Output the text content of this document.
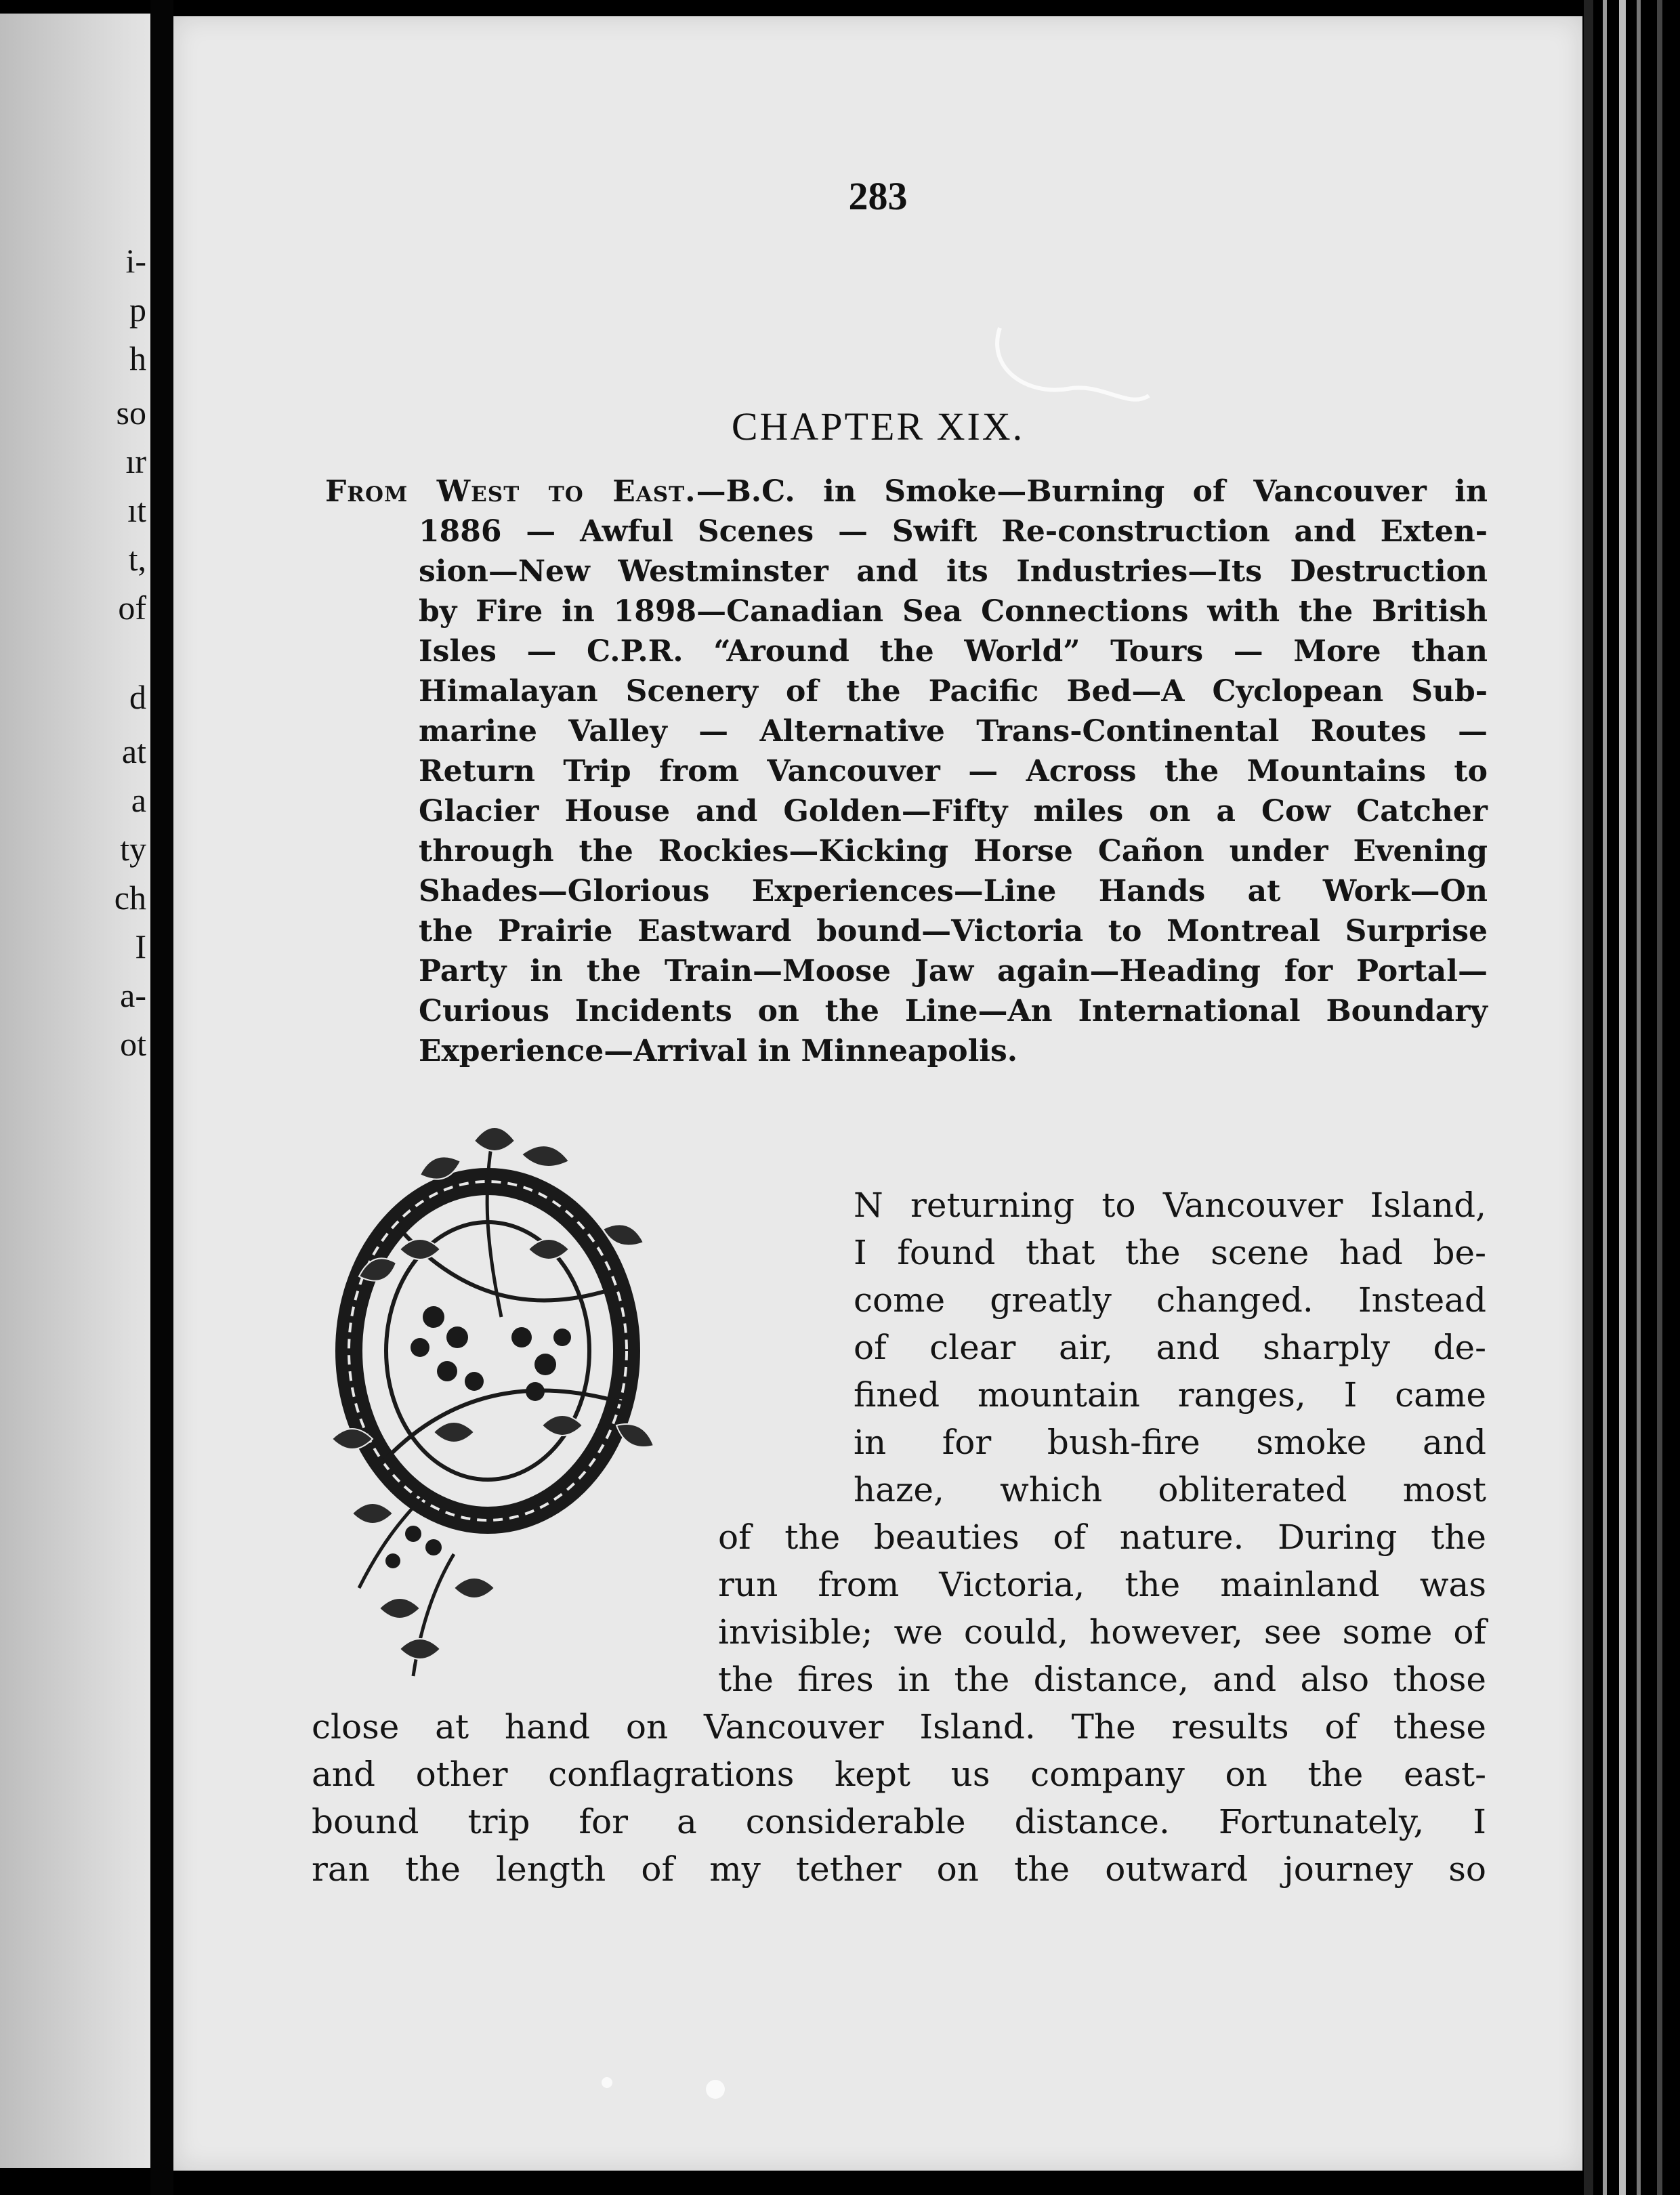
i-
p
h
so
ır
ıt
t,
of
d
at
a
ty
ch
I
a-
ot
283
CHAPTER XIX.
From West to East.—B.C. in Smoke—Burning of Vancouver in
1886 — Awful Scenes — Swift Re-construction and Exten-
sion—New Westminster and its Industries—Its Destruction
by Fire in 1898—Canadian Sea Connections with the British
Isles — C.P.R. “Around the World” Tours — More than
Himalayan Scenery of the Pacific Bed—A Cyclopean Sub-
marine Valley — Alternative Trans-Continental Routes —
Return Trip from Vancouver — Across the Mountains to
Glacier House and Golden—Fifty miles on a Cow Catcher
through the Rockies—Kicking Horse Cañon under Evening
Shades—Glorious Experiences—Line Hands at Work—On
the Prairie Eastward bound—Victoria to Montreal Surprise
Party in the Train—Moose Jaw again—Heading for Portal—
Curious Incidents on the Line—An International Boundary
Experience—Arrival in Minneapolis.
N returning to Vancouver Island,
I found that the scene had be-
come greatly changed. Instead
of clear air, and sharply de-
fined mountain ranges, I came
in for bush-fire smoke and
haze, which obliterated most
of the beauties of nature. During the
run from Victoria, the mainland was
invisible; we could, however, see some of
the fires in the distance, and also those
close at hand on Vancouver Island. The results of these
and other conflagrations kept us company on the east-
bound trip for a considerable distance. Fortunately, I
ran the length of my tether on the outward journey so
